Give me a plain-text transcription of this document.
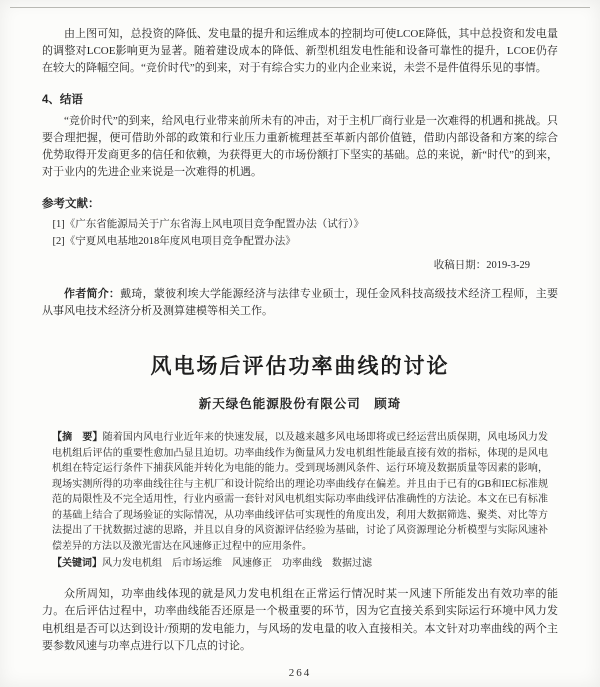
由上图可知，总投资的降低、发电量的提升和运维成本的控制均可使LCOE降低，其中总投资和发电量的调整对LCOE影响更为显著。随着建设成本的降低、新型机组发电性能和设备可靠性的提升，LCOE仍存在较大的降幅空间。“竞价时代”的到来，对于有综合实力的业内企业来说，未尝不是件值得乐见的事情。

4、结语

“竞价时代”的到来，给风电行业带来前所未有的冲击，对于主机厂商行业是一次难得的机遇和挑战。只要合理把握，便可借助外部的政策和行业压力重新梳理甚至革新内部价值链，借助内部设备和方案的综合优势取得开发商更多的信任和依赖，为获得更大的市场份额打下坚实的基础。总的来说，新“时代”的到来，对于业内的先进企业来说是一次难得的机遇。

参考文献：

[1]《广东省能源局关于广东省海上风电项目竞争配置办法（试行）》

[2]《宁夏风电基地2018年度风电项目竞争配置办法》

收稿日期：2019-3-29

作者简介：戴琦，蒙彼利埃大学能源经济与法律专业硕士，现任金风科技高级技术经济工程师，主要从事风电技术经济分析及测算建模等相关工作。

风电场后评估功率曲线的讨论

新天绿色能源股份有限公司　顾琦

【摘　要】随着国内风电行业近年来的快速发展，以及越来越多风电场即将或已经运营出质保期，风电场风力发电机组后评估的重要性愈加凸显且迫切。功率曲线作为衡量风力发电机组性能最直接有效的指标，体现的是风电机组在特定运行条件下捕获风能并转化为电能的能力。受到现场测风条件、运行环境及数据质量等因素的影响，现场实测所得的功率曲线往往与主机厂和设计院给出的理论功率曲线存在偏差。并且由于已有的GB和IEC标准规范的局限性及不完全适用性，行业内亟需一套针对风电机组实际功率曲线评估准确性的方法论。本文在已有标准的基础上结合了现场验证的实际情况，从功率曲线评估可实现性的角度出发，利用大数据筛选、聚类、对比等方法提出了干扰数据过滤的思路，并且以自身的风资源评估经验为基础，讨论了风资源理论分析模型与实际风速补偿差异的方法以及激光雷达在风速修正过程中的应用条件。

【关键词】风力发电机组　后市场运维　风速修正　功率曲线　数据过滤

众所周知，功率曲线体现的就是风力发电机组在正常运行情况时某一风速下所能发出有效功率的能力。在后评估过程中，功率曲线能否还原是一个极重要的环节，因为它直接关系到实际运行环境中风力发电机组是否可以达到设计/预期的发电能力，与风场的发电量的收入直接相关。本文针对功率曲线的两个主要参数风速与功率点进行以下几点的讨论。

264
